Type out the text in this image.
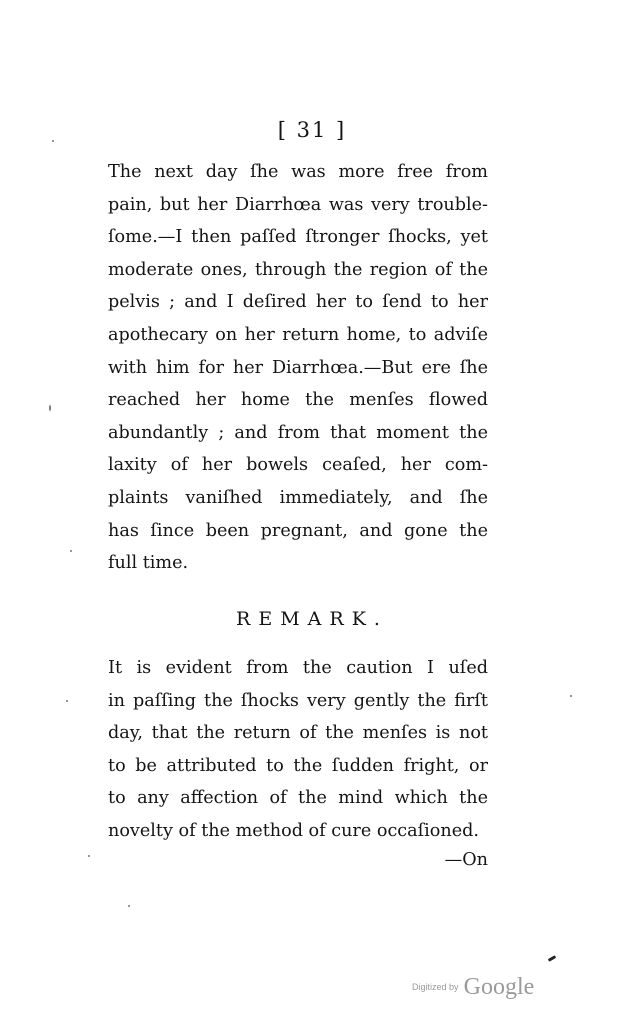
[ 31 ]
The next day ſhe was more free from
pain, but her Diarrhœa was very trouble-
ſome.—I then paſſed ſtronger ſhocks, yet
moderate ones, through the region of the
pelvis ; and I deſired her to ſend to her
apothecary on her return home, to adviſe
with him for her Diarrhœa.—But ere ſhe
reached her home the menſes flowed
abundantly ; and from that moment the
laxity of her bowels ceaſed, her com-
plaints vaniſhed immediately, and ſhe
has ſince been pregnant, and gone the
full time.
REMARK.
It is evident from the caution I uſed
in paſſing the ſhocks very gently the firſt
day, that the return of the menſes is not
to be attributed to the ſudden fright, or
to any affection of the mind which the
novelty of the method of cure occaſioned.
—On
$^{Digitized by}$ Google
